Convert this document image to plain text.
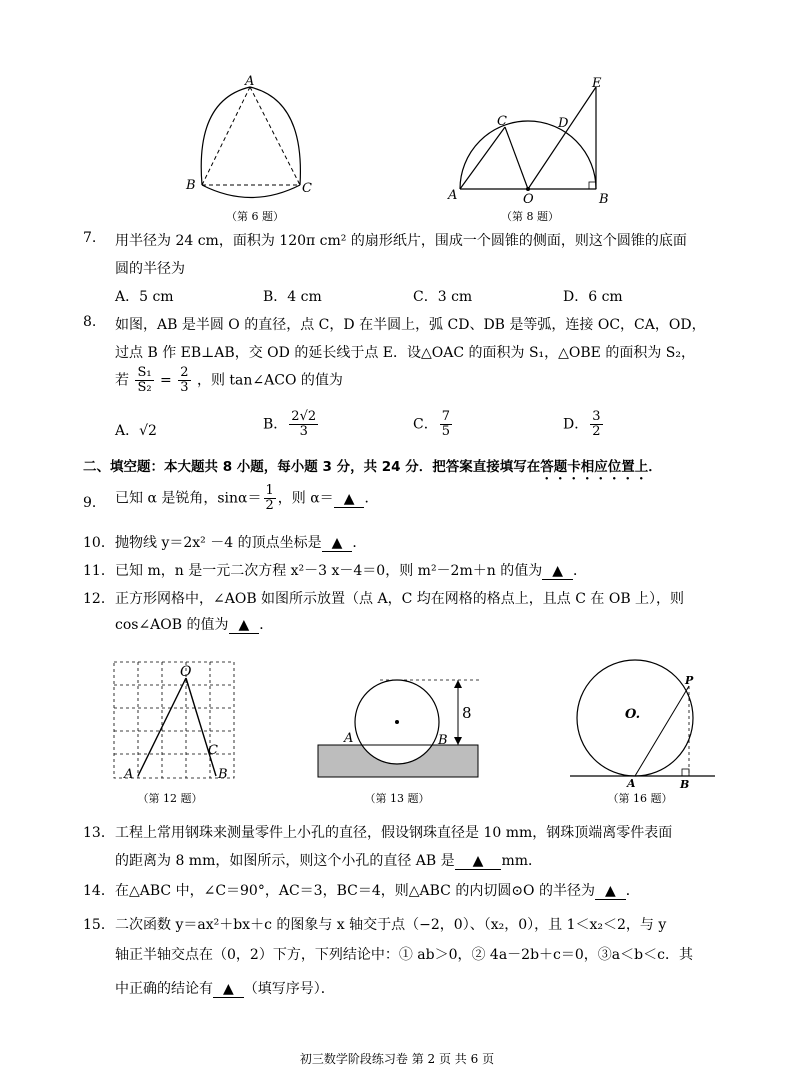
A
B	C
（第 6 题）
A	B
C	D
E
O
（第 8 题）
7. 用半径为 24 cm，面积为 120π cm² 的扇形纸片，围成一个圆锥的侧面，则这个圆锥的底面
圆的半径为
A．5 cm	B．4 cm	C．3 cm	D．6 cm
8. 如图，AB 是半圆 O 的直径，点 C，D 在半圆上，弧 CD、DB 是等弧，连接 OC，CA，OD，
过点 B 作 EB⊥AB，交 OD 的延长线于点 E．设△OAC 的面积为 S₁，△OBE 的面积为 S₂，
若 $\frac{\text{S₁}}{\text{S₂}} = \frac{2}{3}$ ，则 tan∠ACO 的值为
A．√2	B． $\frac{2√2}{3}$	C． $\frac{7}{5}$	D． $\frac{3}{2}$
二、填空题：本大题共 8 小题，每小题 3 分，共 24 分．把答案直接填写在答题卡相应位置上．
9． 已知 α 是锐角，$\sin\alpha= \frac{1}{2}$ ，则 α＝ ▲ ．
10． 抛物线 y＝2x² －4 的顶点坐标是 ▲ ．
11． 已知 m，n 是一元二次方程 x²－3 x－4＝0，则 m²－2m＋n 的值为 ▲ ．
12． 正方形网格中，∠AOB 如图所示放置（点 A，C 均在网格的格点上，且点 C 在 OB 上），则
cos∠AOB 的值为 ▲ ．
O
A	B
C
（第 12 题）
8
A	B
（第 13 题）
O.
P
A	B
（第 16 题）
13． 工程上常用钢珠来测量零件上小孔的直径，假设钢珠直径是 10 mm，钢珠顶端离零件表面
的距离为 8 mm，如图所示，则这个小孔的直径 AB 是 ▲ mm．
14． 在△ABC 中，∠C＝90°，AC＝3，BC＝4，则△ABC 的内切圆⊙O 的半径为 ▲ ．
15． 二次函数 y＝ax²＋bx＋c 的图象与 x 轴交于点（−2，0）、（x₂，0），且 1＜x₂＜2，与 y
轴正半轴交点在（0，2）下方，下列结论中：① ab＞0，② 4a－2b＋c＝0，③a＜b＜c．其
中正确的结论有 ▲ （填写序号）．
初三数学阶段练习卷 第 2 页 共 6 页
